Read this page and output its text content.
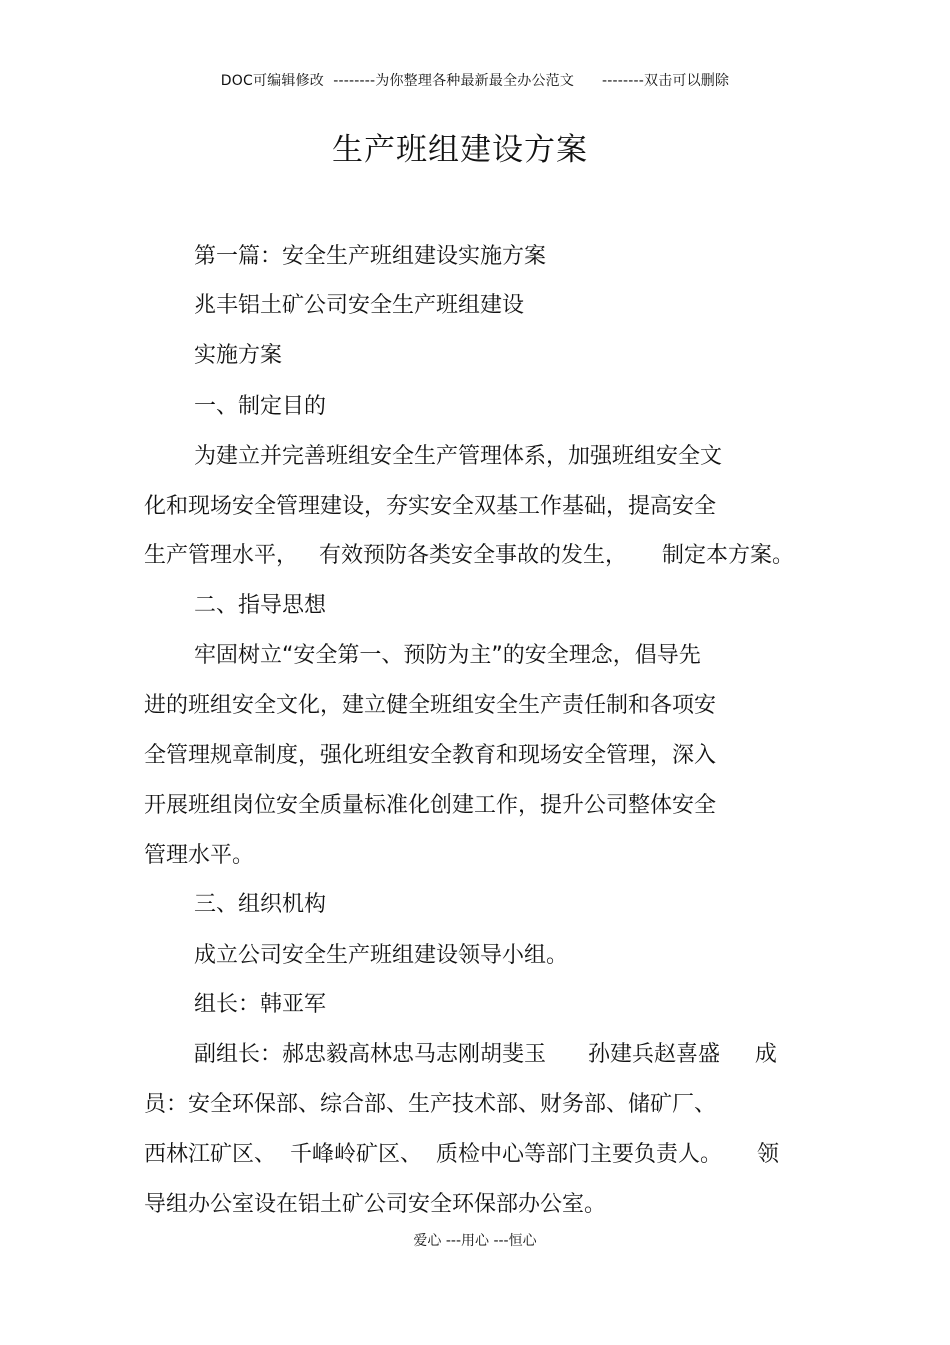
DOC可编辑修改  --------为你整理各种最新最全办公范文      --------双击可以删除
生产班组建设方案
第一篇：安全生产班组建设实施方案
兆丰铝土矿公司安全生产班组建设
实施方案
一、制定目的
为建立并完善班组安全生产管理体系，加强班组安全文
化和现场安全管理建设，夯实安全双基工作基础，提高安全
生产管理水平，   有效预防各类安全事故的发生，     制定本方案。
二、指导思想
牢固树立“安全第一、预防为主”的安全理念，倡导先
进的班组安全文化，建立健全班组安全生产责任制和各项安
全管理规章制度，强化班组安全教育和现场安全管理，深入
开展班组岗位安全质量标准化创建工作，提升公司整体安全
管理水平。
三、组织机构
成立公司安全生产班组建设领导小组。
组长：韩亚军
副组长：郝忠毅高林忠马志刚胡斐玉      孙建兵赵喜盛     成
员：安全环保部、综合部、生产技术部、财务部、储矿厂、
西林江矿区、  千峰岭矿区、  质检中心等部门主要负责人。     领
导组办公室设在铝土矿公司安全环保部办公室。
爱心 ---用心 ---恒心
